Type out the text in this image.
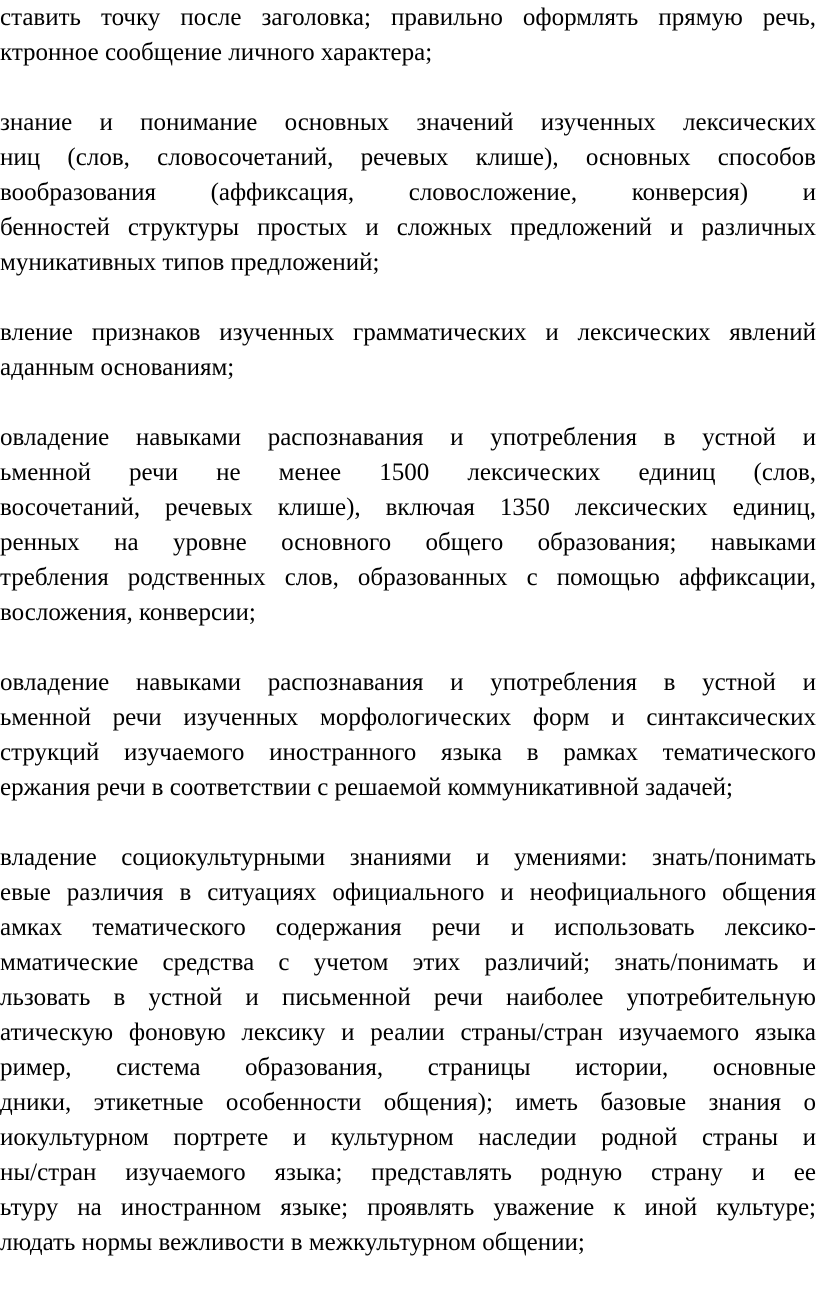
ставить точку после заголовка; правильно оформлять прямую речь,
ктронное сообщение личного характера;
знание и понимание основных значений изученных лексических
ниц (слов, словосочетаний, речевых клише), основных способов
вообразования (аффиксация, словосложение, конверсия) и
бенностей структуры простых и сложных предложений и различных
муникативных типов предложений;
вление признаков изученных грамматических и лексических явлений
аданным основаниям;
овладение навыками распознавания и употребления в устной и
ьменной речи не менее 1500 лексических единиц (слов,
восочетаний, речевых клише), включая 1350 лексических единиц,
ренных на уровне основного общего образования; навыками
требления родственных слов, образованных с помощью аффиксации,
восложения, конверсии;
овладение навыками распознавания и употребления в устной и
ьменной речи изученных морфологических форм и синтаксических
струкций изучаемого иностранного языка в рамках тематического
ержания речи в соответствии с решаемой коммуникативной задачей;
владение социокультурными знаниями и умениями: знать/понимать
евые различия в ситуациях официального и неофициального общения
амках тематического содержания речи и использовать лексико-
мматические средства с учетом этих различий; знать/понимать и
льзовать в устной и письменной речи наиболее употребительную
атическую фоновую лексику и реалии страны/стран изучаемого языка
ример, система образования, страницы истории, основные
дники, этикетные особенности общения); иметь базовые знания о
иокультурном портрете и культурном наследии родной страны и
ны/стран изучаемого языка; представлять родную страну и ее
ьтуру на иностранном языке; проявлять уважение к иной культуре;
людать нормы вежливости в межкультурном общении;
